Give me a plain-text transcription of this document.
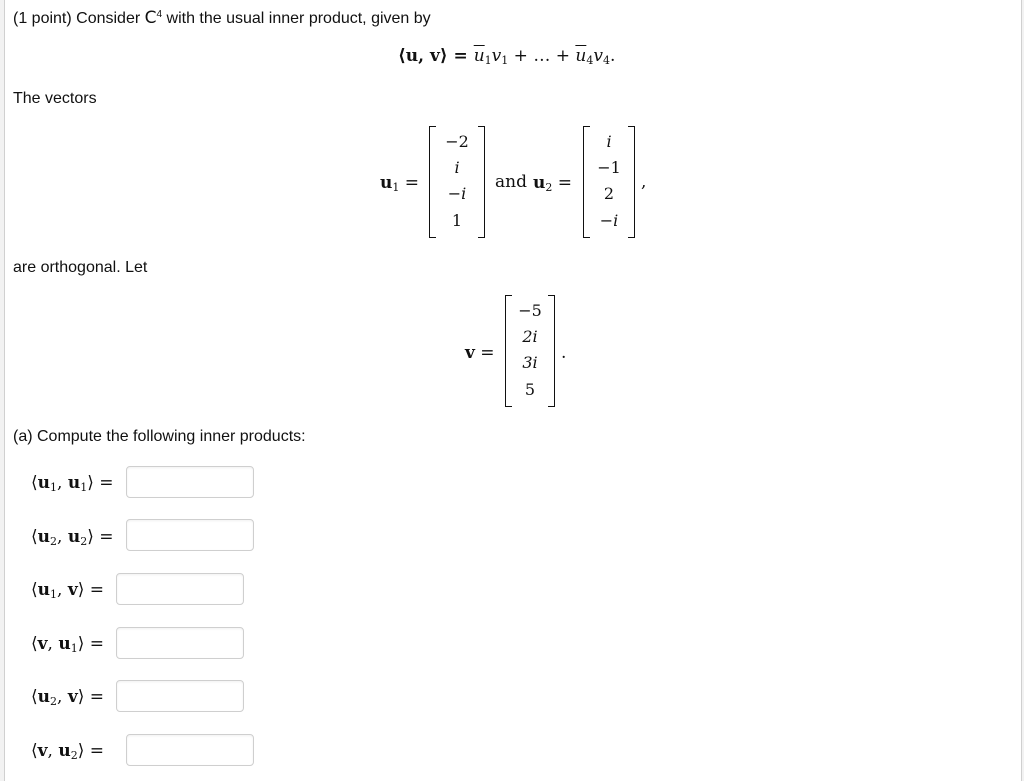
(1 point) Consider $C^4$ with the usual inner product, given by
⟨u, v⟩ = $\overline{u}_1v_1$ + … + $\overline{u}_4v_4$.
The vectors
$u_1$ =
−2
i
−i
1
and $u_2$ =
i
−1
2
−i
,
are orthogonal. Let
v =
−5
2i
3i
5
.
(a) Compute the following inner products:
$⟨u_1$, $u_1⟩$ =
$⟨u_2$, $u_2⟩$ =
$⟨u_1$, v⟩ =
⟨v, $u_1⟩$ =
$⟨u_2$, v⟩ =
⟨v, $u_2⟩$ =
